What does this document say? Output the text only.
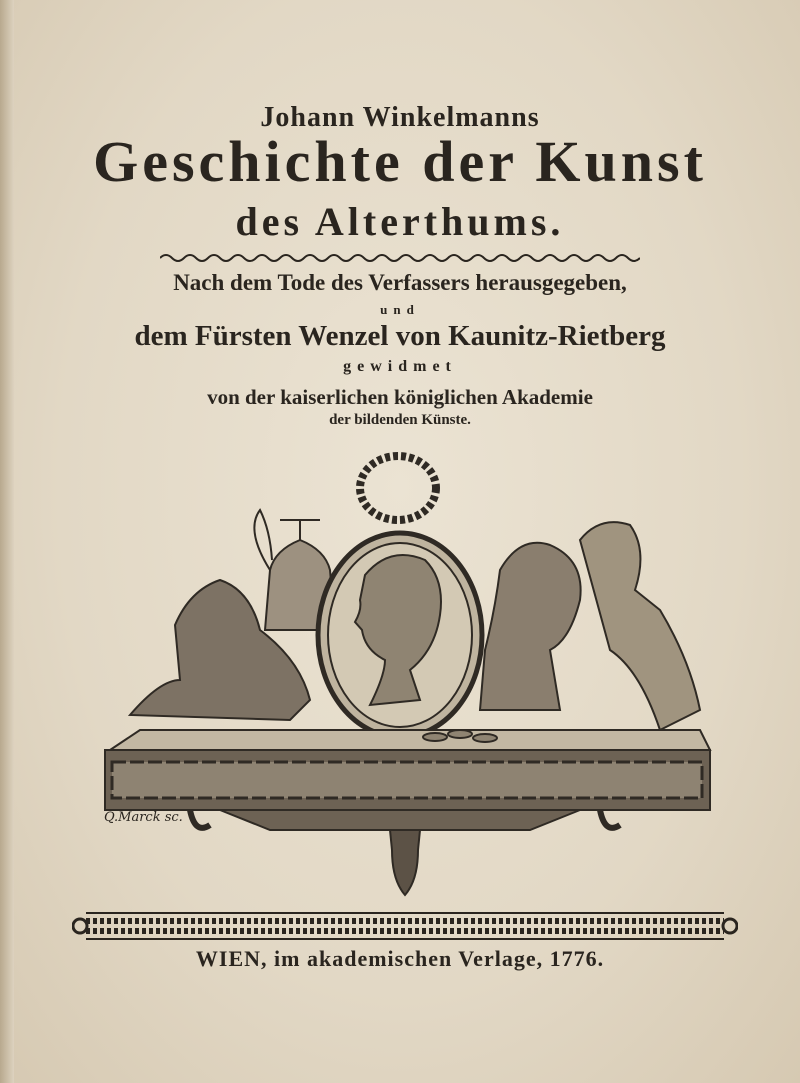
Johann Winkelmanns
Geschichte der Kunst
des Alterthums.
Nach dem Tode des Verfassers herausgegeben,
und
dem Fürsten Wenzel von Kaunitz-Rietberg
gewidmet
von der kaiserlichen königlichen Akademie
der bildenden Künste.
Q.Marck sc.
WIEN, im akademischen Verlage, 1776.
